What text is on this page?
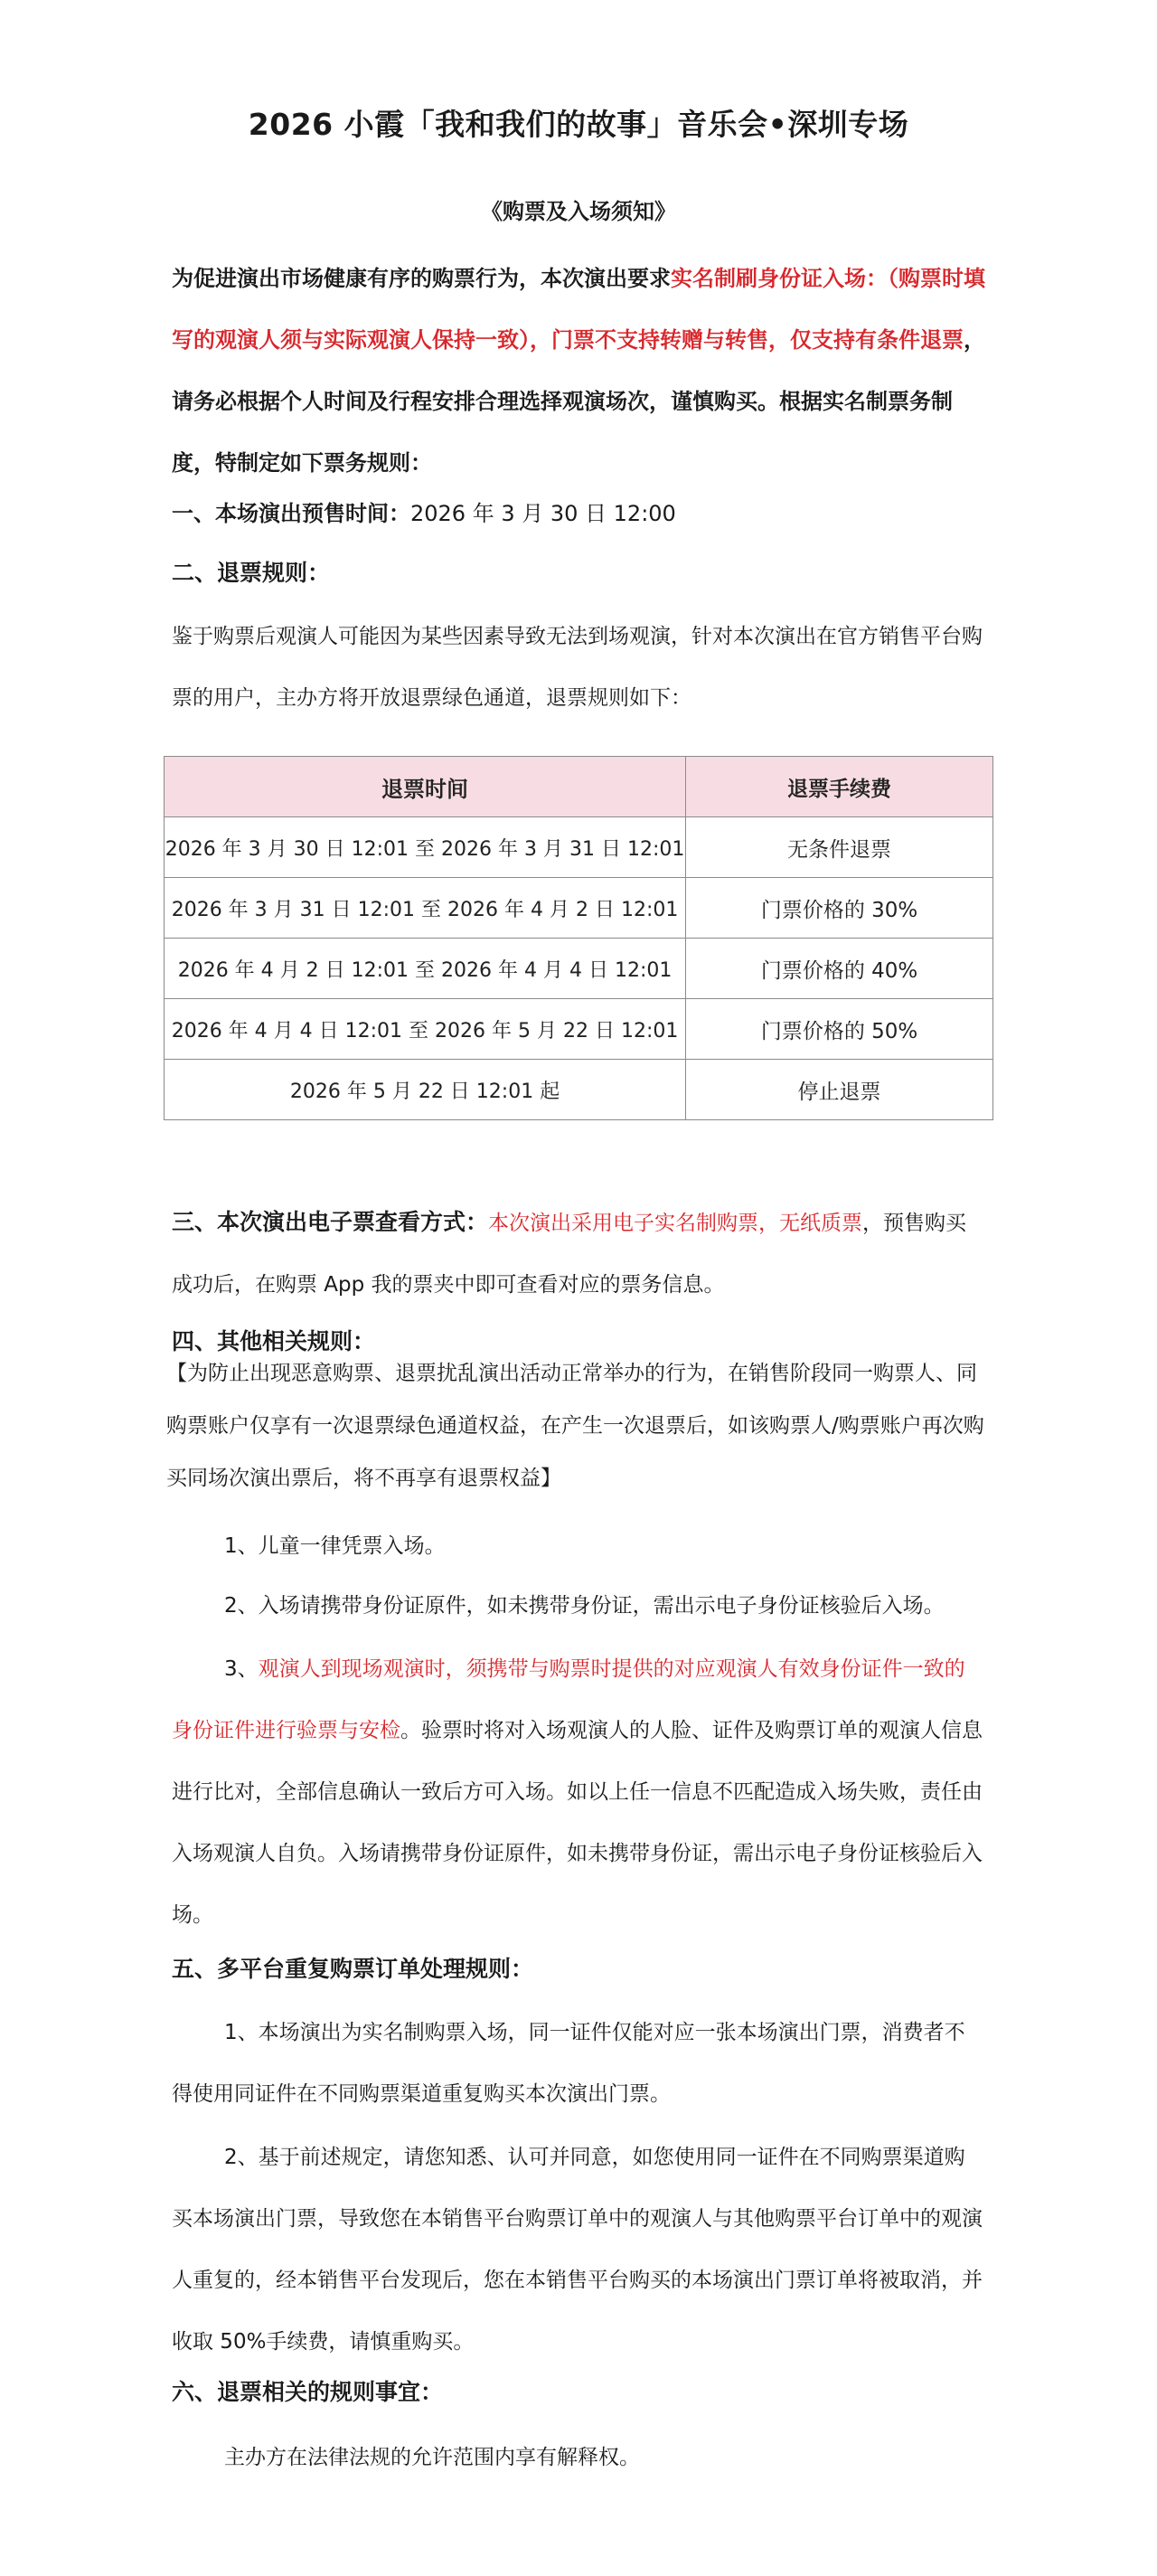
2026 小霞「我和我们的故事」音乐会•深圳专场
《购票及入场须知》

为促进演出市场健康有序的购票行为，本次演出要求实名制刷身份证入场：（购票时填写的观演人须与实际观演人保持一致），门票不支持转赠与转售，仅支持有条件退票，请务必根据个人时间及行程安排合理选择观演场次，谨慎购买。根据实名制票务制度，特制定如下票务规则：

一、本场演出预售时间：2026 年 3 月 30 日 12:00

二、退票规则：

鉴于购票后观演人可能因为某些因素导致无法到场观演，针对本次演出在官方销售平台购票的用户，主办方将开放退票绿色通道，退票规则如下：

退票时间	退票手续费
2026 年 3 月 30 日 12:01 至 2026 年 3 月 31 日 12:01	无条件退票
2026 年 3 月 31 日 12:01 至 2026 年 4 月 2 日 12:01	门票价格的 30%
2026 年 4 月 2 日 12:01 至 2026 年 4 月 4 日 12:01	门票价格的 40%
2026 年 4 月 4 日 12:01 至 2026 年 5 月 22 日 12:01	门票价格的 50%
2026 年 5 月 22 日 12:01 起	停止退票

三、本次演出电子票查看方式：本次演出采用电子实名制购票，无纸质票，预售购买成功后，在购票 App 我的票夹中即可查看对应的票务信息。

四、其他相关规则：

【为防止出现恶意购票、退票扰乱演出活动正常举办的行为，在销售阶段同一购票人、同购票账户仅享有一次退票绿色通道权益，在产生一次退票后，如该购票人/购票账户再次购买同场次演出票后，将不再享有退票权益】

1、儿童一律凭票入场。

2、入场请携带身份证原件，如未携带身份证，需出示电子身份证核验后入场。

3、观演人到现场观演时，须携带与购票时提供的对应观演人有效身份证件一致的身份证件进行验票与安检。验票时将对入场观演人的人脸、证件及购票订单的观演人信息进行比对，全部信息确认一致后方可入场。如以上任一信息不匹配造成入场失败，责任由入场观演人自负。入场请携带身份证原件，如未携带身份证，需出示电子身份证核验后入场。

五、多平台重复购票订单处理规则：

1、本场演出为实名制购票入场，同一证件仅能对应一张本场演出门票，消费者不得使用同证件在不同购票渠道重复购买本次演出门票。

2、基于前述规定，请您知悉、认可并同意，如您使用同一证件在不同购票渠道购买本场演出门票，导致您在本销售平台购票订单中的观演人与其他购票平台订单中的观演人重复的，经本销售平台发现后，您在本销售平台购买的本场演出门票订单将被取消，并收取 50%手续费，请慎重购买。

六、退票相关的规则事宜：

主办方在法律法规的允许范围内享有解释权。
